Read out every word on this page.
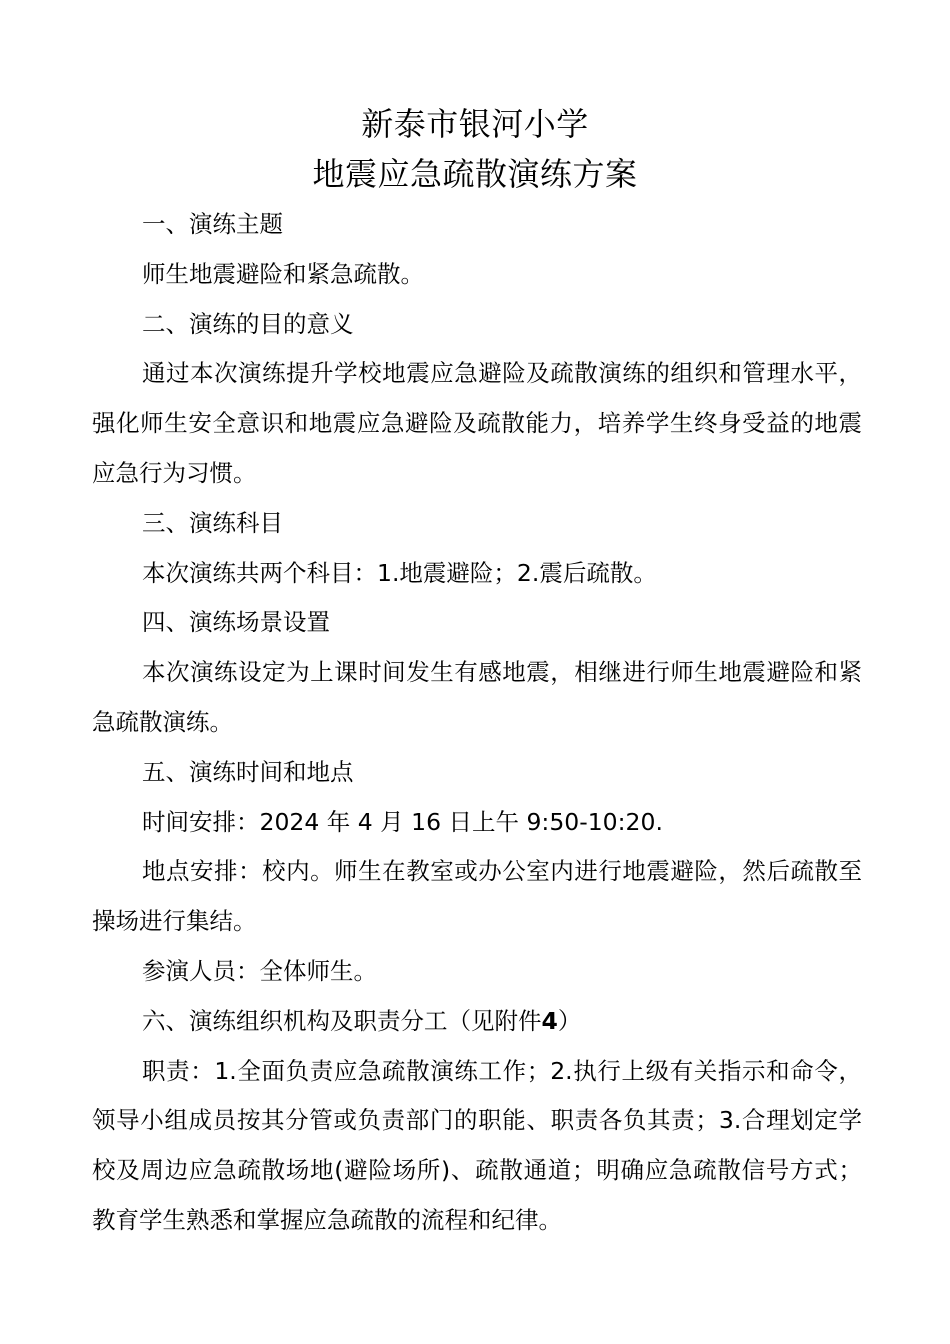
新泰市银河小学
地震应急疏散演练方案

一、演练主题

师生地震避险和紧急疏散。

二、演练的目的意义

通过本次演练提升学校地震应急避险及疏散演练的组织和管理水平，强化师生安全意识和地震应急避险及疏散能力，培养学生终身受益的地震应急行为习惯。

三、演练科目

本次演练共两个科目：1.地震避险；2.震后疏散。

四、演练场景设置

本次演练设定为上课时间发生有感地震，相继进行师生地震避险和紧急疏散演练。

五、演练时间和地点

时间安排：2024 年 4 月 16 日上午 9:50-10:20.

地点安排：校内。师生在教室或办公室内进行地震避险，然后疏散至操场进行集结。

参演人员：全体师生。

六、演练组织机构及职责分工（见附件4）

职责：1.全面负责应急疏散演练工作；2.执行上级有关指示和命令，领导小组成员按其分管或负责部门的职能、职责各负其责；3.合理划定学校及周边应急疏散场地(避险场所)、疏散通道；明确应急疏散信号方式；教育学生熟悉和掌握应急疏散的流程和纪律。
